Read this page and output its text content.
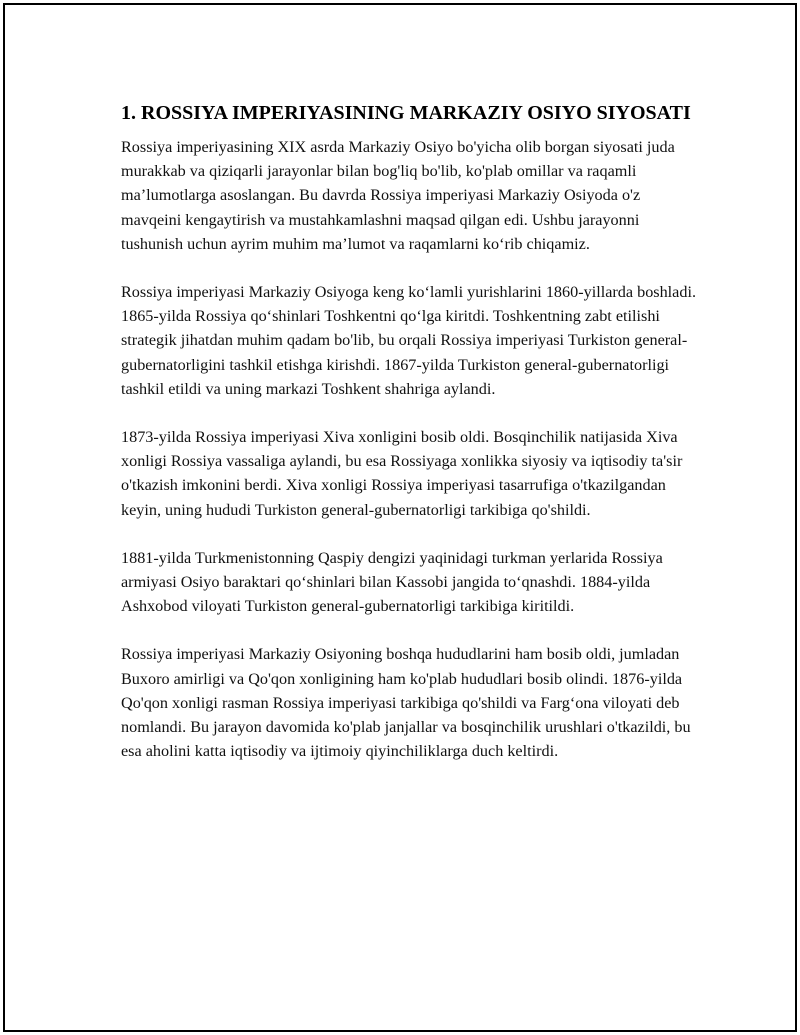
1. ROSSIYA IMPERIYASINING MARKAZIY OSIYO SIYOSATI

Rossiya imperiyasining XIX asrda Markaziy Osiyo bo'yicha olib borgan siyosati juda murakkab va qiziqarli jarayonlar bilan bog'liq bo'lib, ko'plab omillar va raqamli ma’lumotlarga asoslangan. Bu davrda Rossiya imperiyasi Markaziy Osiyoda o'z mavqeini kengaytirish va mustahkamlashni maqsad qilgan edi. Ushbu jarayonni tushunish uchun ayrim muhim ma’lumot va raqamlarni ko‘rib chiqamiz.

Rossiya imperiyasi Markaziy Osiyoga keng ko‘lamli yurishlarini 1860-yillarda boshladi. 1865-yilda Rossiya qo‘shinlari Toshkentni qo‘lga kiritdi. Toshkentning zabt etilishi strategik jihatdan muhim qadam bo'lib, bu orqali Rossiya imperiyasi Turkiston general-gubernatorligini tashkil etishga kirishdi. 1867-yilda Turkiston general-gubernatorligi tashkil etildi va uning markazi Toshkent shahriga aylandi.

1873-yilda Rossiya imperiyasi Xiva xonligini bosib oldi. Bosqinchilik natijasida Xiva xonligi Rossiya vassaliga aylandi, bu esa Rossiyaga xonlikka siyosiy va iqtisodiy ta'sir o'tkazish imkonini berdi. Xiva xonligi Rossiya imperiyasi tasarrufiga o'tkazilgandan keyin, uning hududi Turkiston general-gubernatorligi tarkibiga qo'shildi.

1881-yilda Turkmenistonning Qaspiy dengizi yaqinidagi turkman yerlarida Rossiya armiyasi Osiyo baraktari qo‘shinlari bilan Kassobi jangida to‘qnashdi. 1884-yilda Ashxobod viloyati Turkiston general-gubernatorligi tarkibiga kiritildi.

Rossiya imperiyasi Markaziy Osiyoning boshqa hududlarini ham bosib oldi, jumladan Buxoro amirligi va Qo'qon xonligining ham ko'plab hududlari bosib olindi. 1876-yilda Qo'qon xonligi rasman Rossiya imperiyasi tarkibiga qo'shildi va Farg‘ona viloyati deb nomlandi. Bu jarayon davomida ko'plab janjallar va bosqinchilik urushlari o'tkazildi, bu esa aholini katta iqtisodiy va ijtimoiy qiyinchiliklarga duch keltirdi.
